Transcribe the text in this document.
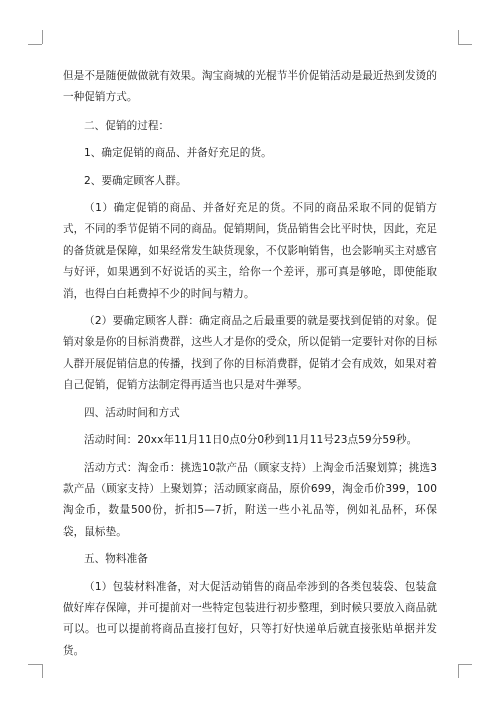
但是不是随便做做就有效果。淘宝商城的光棍节半价促销活动是最近热到发烫的一种促销方式。

二、促销的过程：

1、确定促销的商品、并备好充足的货。

2、要确定顾客人群。

（1）确定促销的商品、并备好充足的货。不同的商品采取不同的促销方式，不同的季节促销不同的商品。促销期间，货品销售会比平时快，因此，充足的备货就是保障，如果经常发生缺货现象，不仅影响销售，也会影响买主对感官与好评，如果遇到不好说话的买主，给你一个差评，那可真是够呛，即使能取消，也得白白耗费掉不少的时间与精力。

（2）要确定顾客人群：确定商品之后最重要的就是要找到促销的对象。促销对象是你的目标消费群，这些人才是你的受众，所以促销一定要针对你的目标人群开展促销信息的传播，找到了你的目标消费群，促销才会有成效，如果对着自己促销，促销方法制定得再适当也只是对牛弹琴。

四、活动时间和方式

活动时间：20xx年11月11日0点0分0秒到11月11号23点59分59秒。

活动方式：淘金币：挑选10款产品（顾家支持）上淘金币活聚划算；挑选3款产品（顾家支持）上聚划算；活动顾家商品，原价699，淘金币价399，100淘金币，数量500份，折扣5—7折，附送一些小礼品等，例如礼品杯，环保袋，鼠标垫。

五、物料准备

（1）包装材料准备，对大促活动销售的商品牵涉到的各类包装袋、包装盒做好库存保障，并可提前对一些特定包装进行初步整理，到时候只要放入商品就可以。也可以提前将商品直接打包好，只等打好快递单后就直接张贴单据并发货。
